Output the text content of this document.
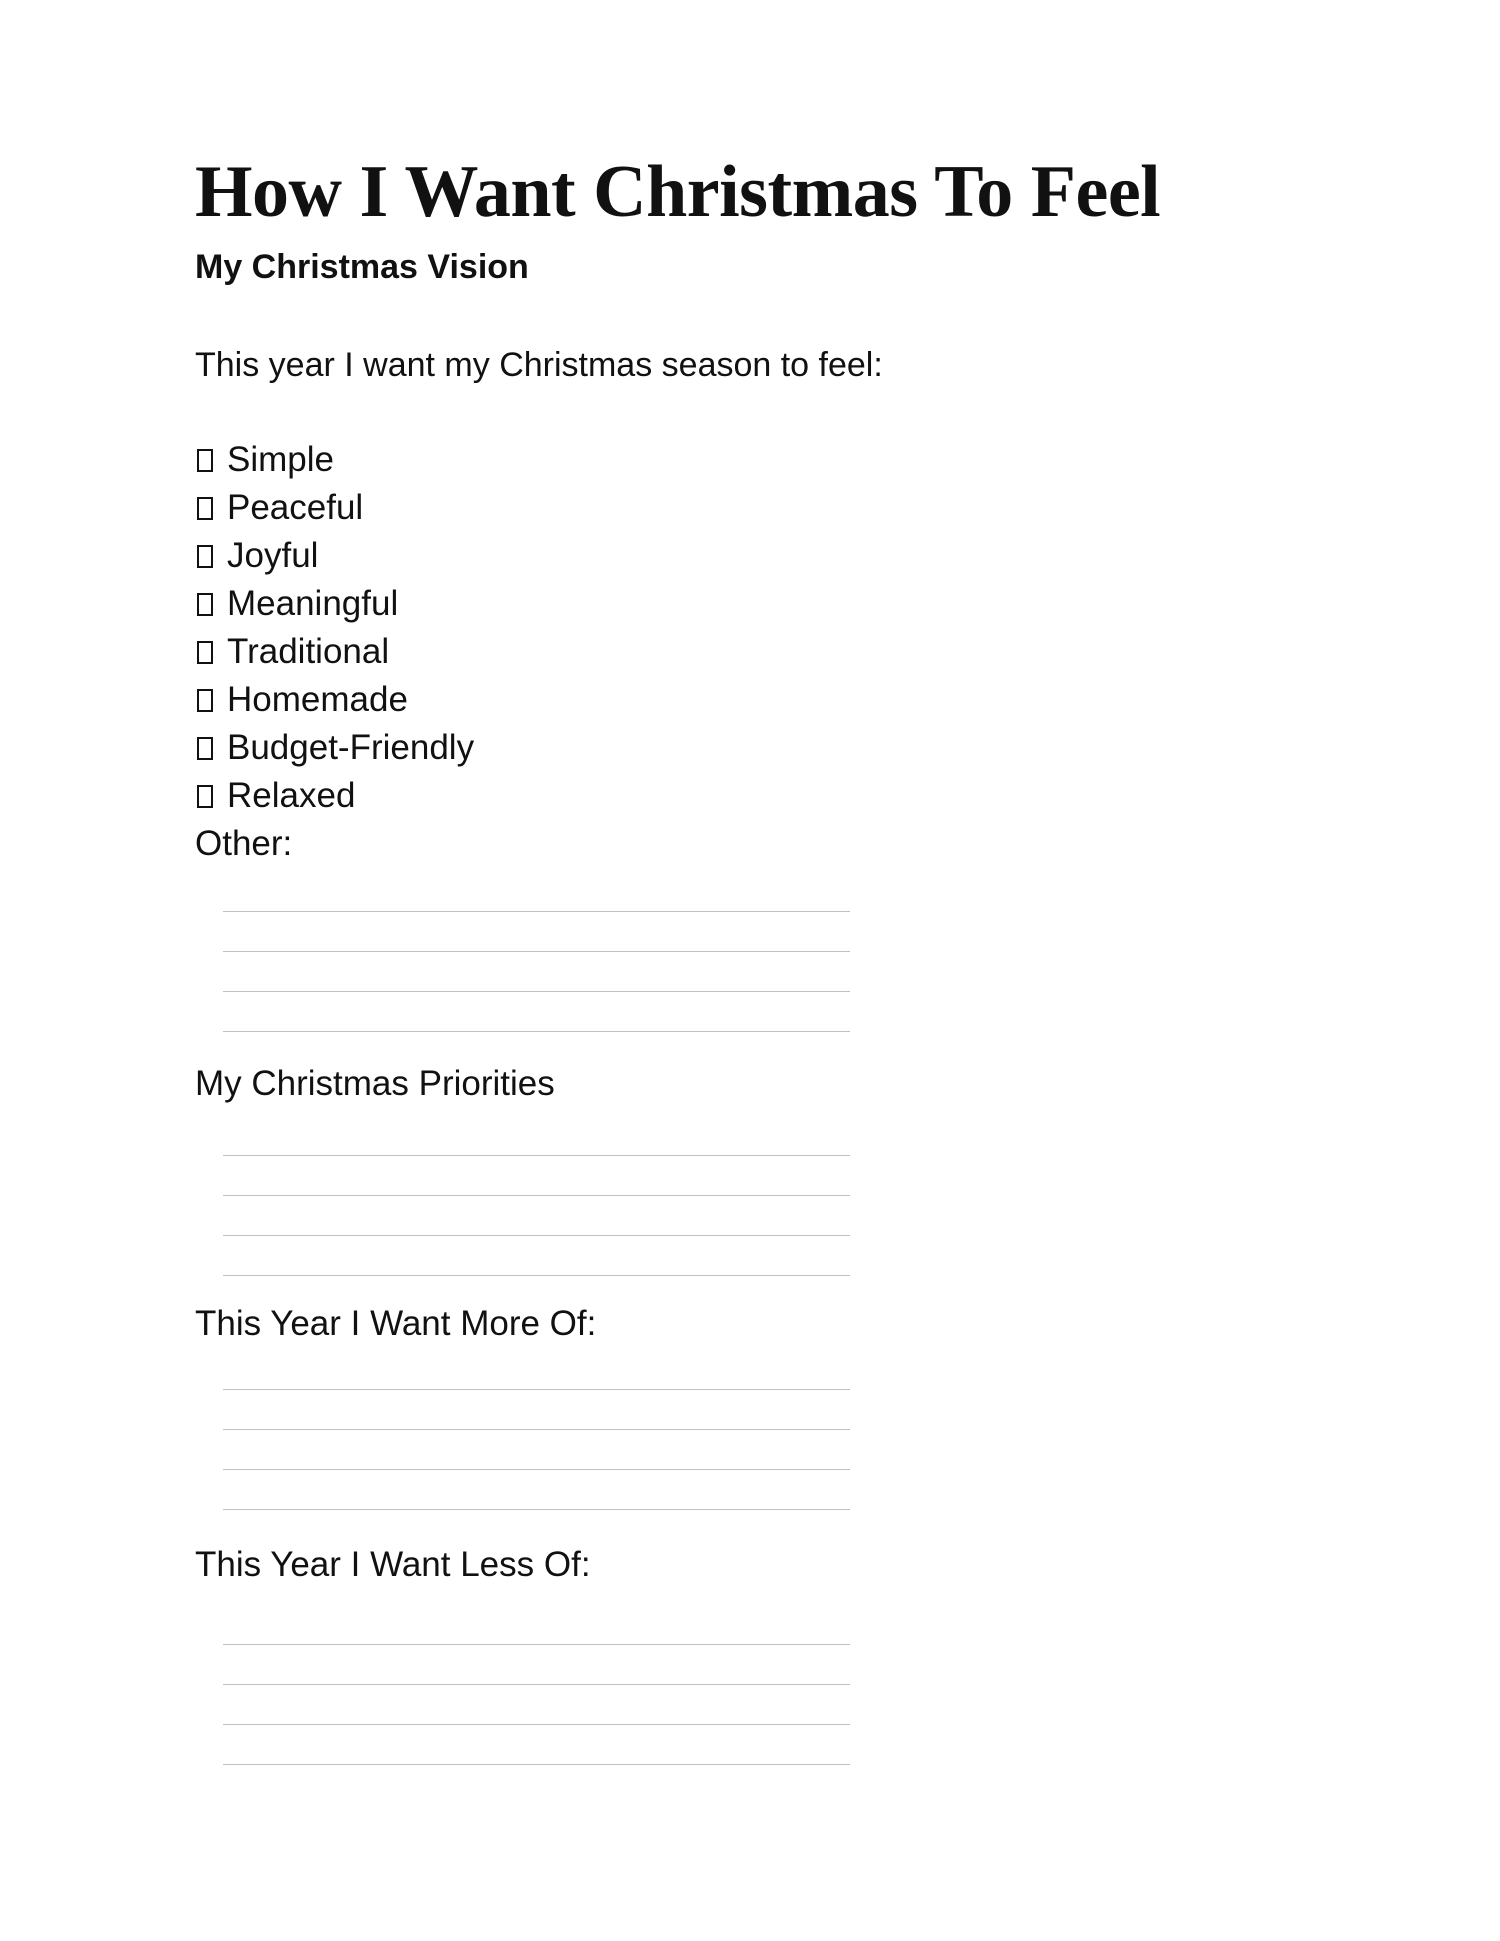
How I Want Christmas To Feel
My Christmas Vision
This year I want my Christmas season to feel:
Simple
Peaceful
Joyful
Meaningful
Traditional
Homemade
Budget-Friendly
Relaxed
Other:
My Christmas Priorities
This Year I Want More Of:
This Year I Want Less Of:
